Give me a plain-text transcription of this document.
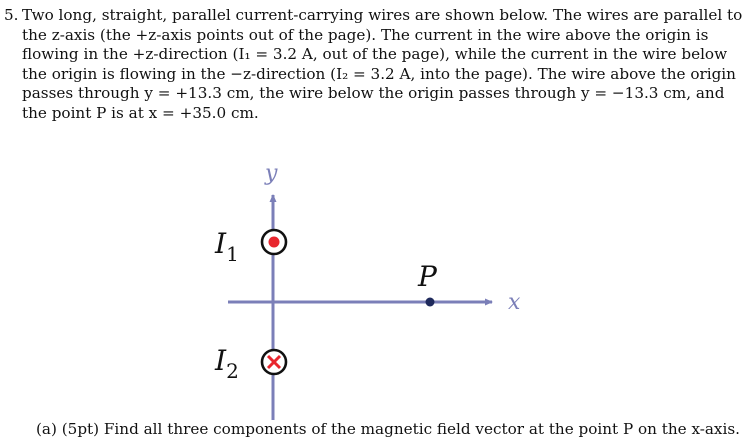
5. Two long, straight, parallel current-carrying wires are shown below. The wires are parallel to
the z-axis (the +z-axis points out of the page). The current in the wire above the origin is
flowing in the +z-direction (I₁ = 3.2 A, out of the page), while the current in the wire below
the origin is flowing in the −z-direction (I₂ = 3.2 A, into the page). The wire above the origin
passes through y = +13.3 cm, the wire below the origin passes through y = −13.3 cm, and
the point P is at x = +35.0 cm.
y
x
$I_1$
$I_2$
P
(a) (5pt) Find all three components of the magnetic field vector at the point P on the x-axis.
